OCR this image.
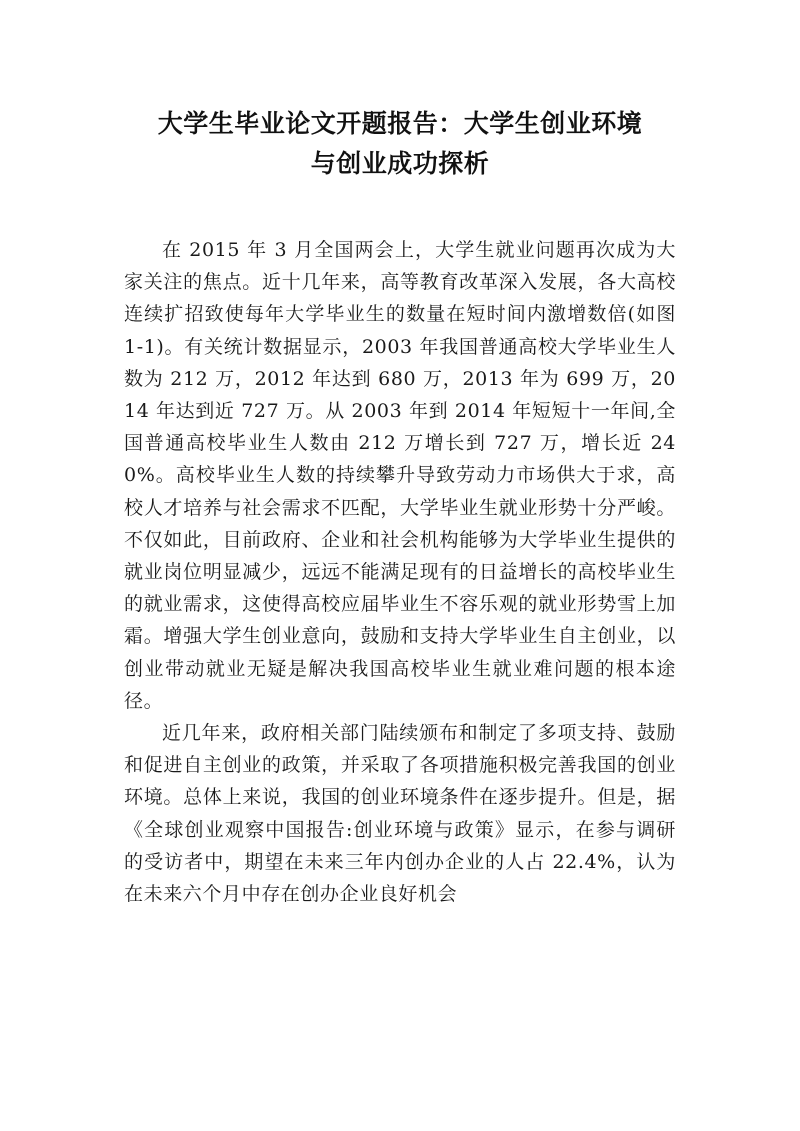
大学生毕业论文开题报告：大学生创业环境
与创业成功探析

在 2015 年 3 月全国两会上，大学生就业问题再次成为大家关注的焦点。近十几年来，高等教育改革深入发展，各大高校连续扩招致使每年大学毕业生的数量在短时间内激增数倍(如图 1-1)。有关统计数据显示，2003 年我国普通高校大学毕业生人数为 212 万，2012 年达到 680 万，2013 年为 699 万，2014 年达到近 727 万。从 2003 年到 2014 年短短十一年间,全国普通高校毕业生人数由 212 万增长到 727 万，增长近 240%。高校毕业生人数的持续攀升导致劳动力市场供大于求，高校人才培养与社会需求不匹配，大学毕业生就业形势十分严峻。不仅如此，目前政府、企业和社会机构能够为大学毕业生提供的就业岗位明显减少，远远不能满足现有的日益增长的高校毕业生的就业需求，这使得高校应届毕业生不容乐观的就业形势雪上加霜。增强大学生创业意向，鼓励和支持大学毕业生自主创业，以创业带动就业无疑是解决我国高校毕业生就业难问题的根本途径。

近几年来，政府相关部门陆续颁布和制定了多项支持、鼓励和促进自主创业的政策，并采取了各项措施积极完善我国的创业环境。总体上来说，我国的创业环境条件在逐步提升。但是，据《全球创业观察中国报告:创业环境与政策》显示，在参与调研的受访者中，期望在未来三年内创办企业的人占 22.4%，认为在未来六个月中存在创办企业良好机会
